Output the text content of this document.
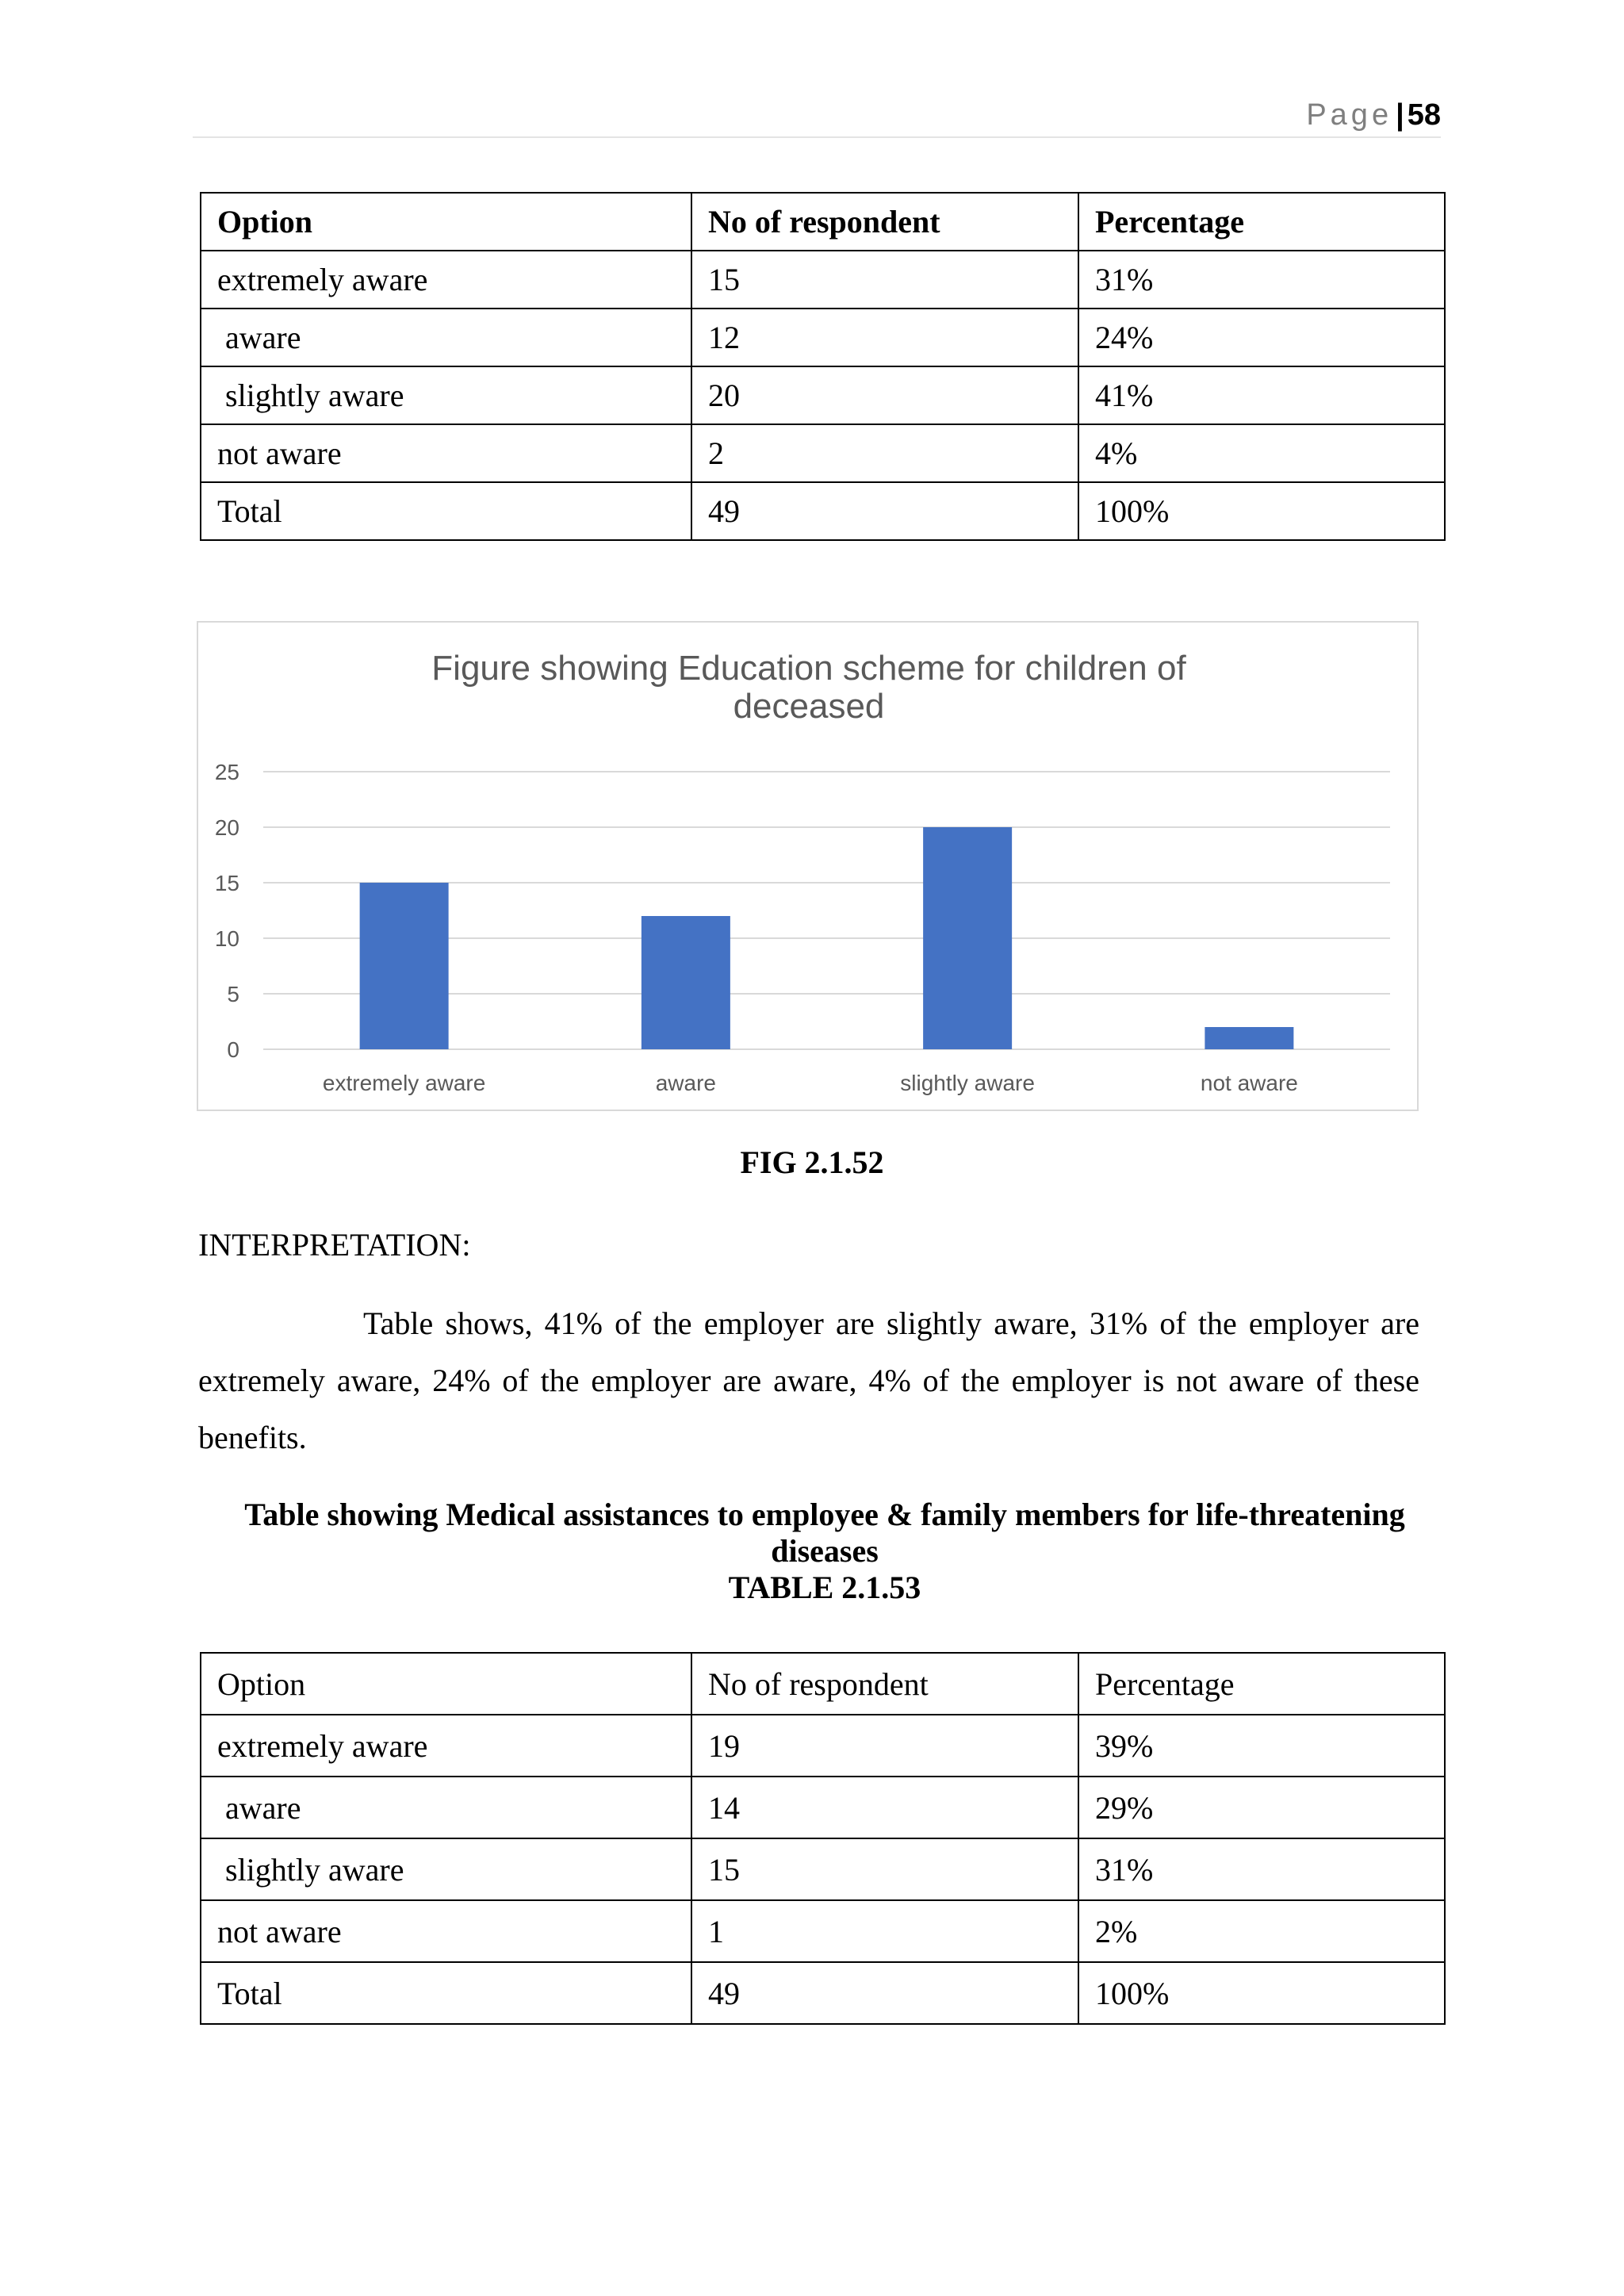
Page | 58
Option	No of respondent	Percentage
extremely aware	15	31%
aware	12	24%
slightly aware	20	41%
not aware	2	4%
Total	49	100%
Figure showing Education scheme for children of
deceased
0
5
10
15
20
25
extremely aware	aware	slightly aware	not aware
FIG 2.1.52
INTERPRETATION:

Table shows, 41% of the employer are slightly aware, 31% of the employer are extremely aware, 24% of the employer are aware, 4% of the employer is not aware of these benefits.

Table showing Medical assistances to employee & family members for life-threatening
diseases
TABLE 2.1.53
Option	No of respondent	Percentage
extremely aware	19	39%
aware	14	29%
slightly aware	15	31%
not aware	1	2%
Total	49	100%
